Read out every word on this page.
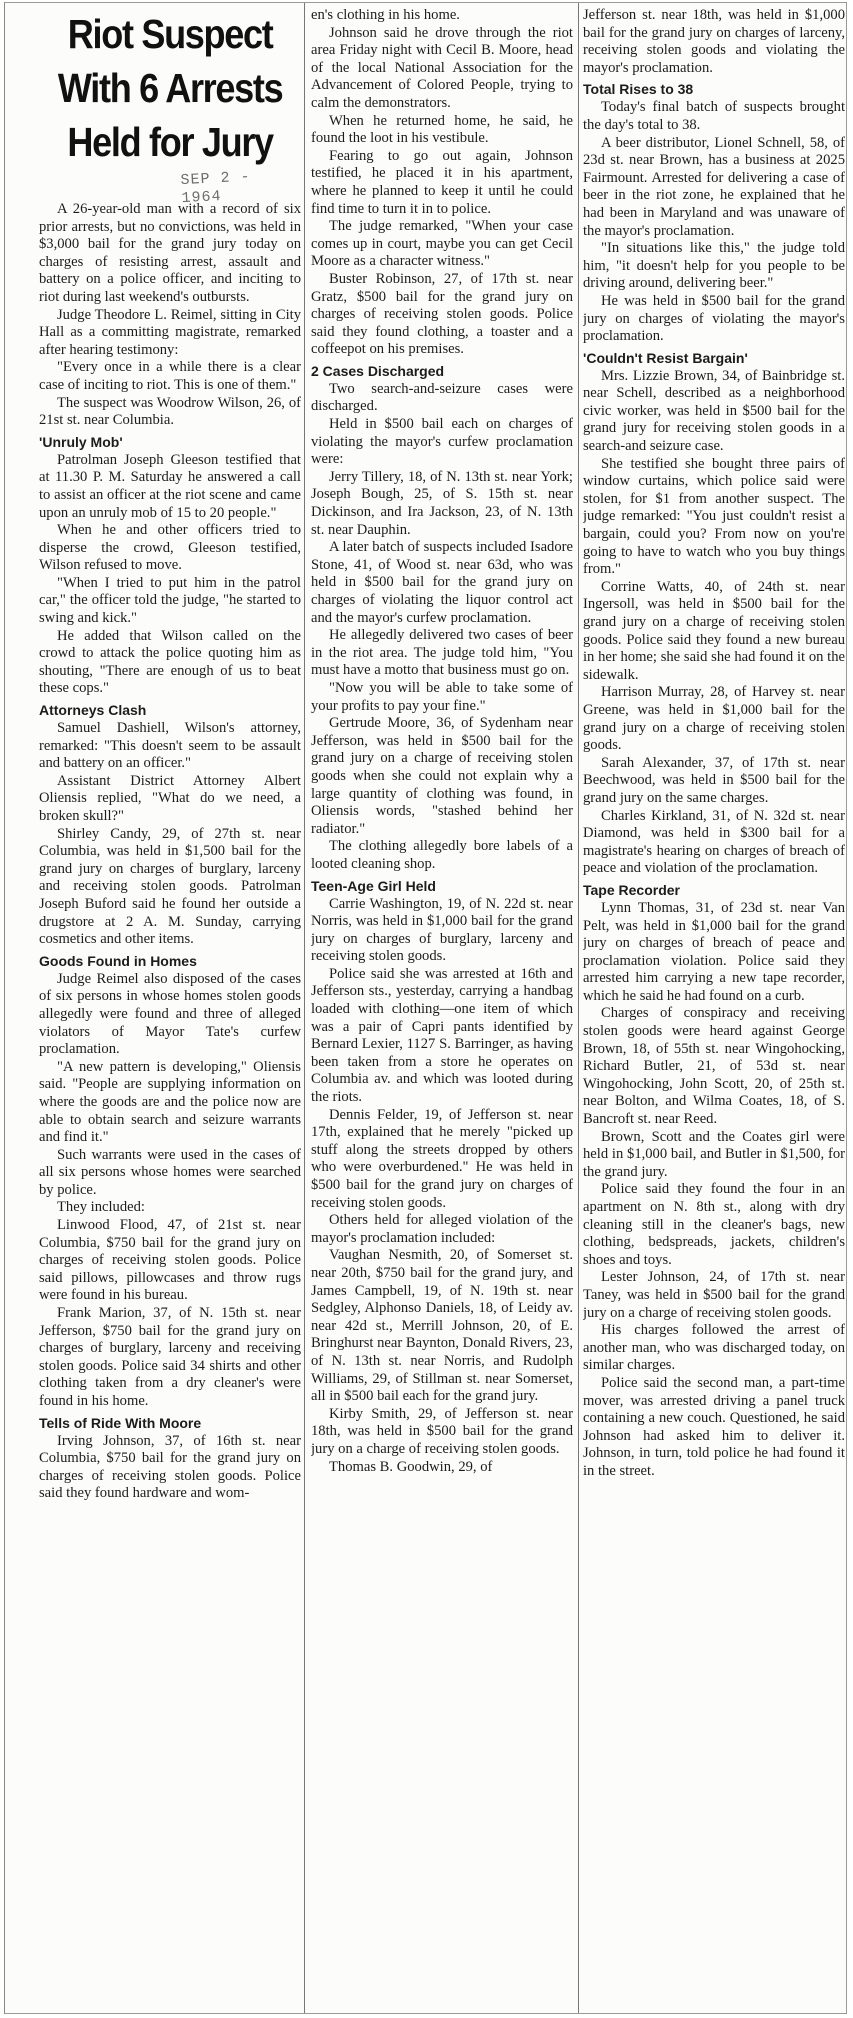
Riot Suspect
With 6 Arrests
Held for Jury
SEP 2 - 1964

A 26-year-old man with a record of six prior arrests, but no convictions, was held in $3,000 bail for the grand jury today on charges of resisting arrest, assault and battery on a police officer, and inciting to riot during last weekend's outbursts.

Judge Theodore L. Reimel, sitting in City Hall as a committing magistrate, remarked after hearing testimony:

"Every once in a while there is a clear case of inciting to riot. This is one of them."

The suspect was Woodrow Wilson, 26, of 21st st. near Columbia.

'Unruly Mob'

Patrolman Joseph Gleeson testified that at 11.30 P. M. Saturday he answered a call to assist an officer at the riot scene and came upon an unruly mob of 15 to 20 people."

When he and other officers tried to disperse the crowd, Gleeson testified, Wilson refused to move.

"When I tried to put him in the patrol car," the officer told the judge, "he started to swing and kick."

He added that Wilson called on the crowd to attack the police quoting him as shouting, "There are enough of us to beat these cops."

Attorneys Clash

Samuel Dashiell, Wilson's attorney, remarked: "This doesn't seem to be assault and battery on an officer."

Assistant District Attorney Albert Oliensis replied, "What do we need, a broken skull?"

Shirley Candy, 29, of 27th st. near Columbia, was held in $1,500 bail for the grand jury on charges of burglary, larceny and receiving stolen goods. Patrolman Joseph Buford said he found her outside a drugstore at 2 A. M. Sunday, carrying cosmetics and other items.

Goods Found in Homes

Judge Reimel also disposed of the cases of six persons in whose homes stolen goods allegedly were found and three of alleged violators of Mayor Tate's curfew proclamation.

"A new pattern is developing," Oliensis said. "People are supplying information on where the goods are and the police now are able to obtain search and seizure warrants and find it."

Such warrants were used in the cases of all six persons whose homes were searched by police.

They included:

Linwood Flood, 47, of 21st st. near Columbia, $750 bail for the grand jury on charges of receiving stolen goods. Police said pillows, pillowcases and throw rugs were found in his bureau.

Frank Marion, 37, of N. 15th st. near Jefferson, $750 bail for the grand jury on charges of burglary, larceny and receiving stolen goods. Police said 34 shirts and other clothing taken from a dry cleaner's were found in his home.

Tells of Ride With Moore

Irving Johnson, 37, of 16th st. near Columbia, $750 bail for the grand jury on charges of receiving stolen goods. Police said they found hardware and wom-

en's clothing in his home.

Johnson said he drove through the riot area Friday night with Cecil B. Moore, head of the local National Association for the Advancement of Colored People, trying to calm the demonstrators.

When he returned home, he said, he found the loot in his vestibule.

Fearing to go out again, Johnson testified, he placed it in his apartment, where he planned to keep it until he could find time to turn it in to police.

The judge remarked, "When your case comes up in court, maybe you can get Cecil Moore as a character witness."

Buster Robinson, 27, of 17th st. near Gratz, $500 bail for the grand jury on charges of receiving stolen goods. Police said they found clothing, a toaster and a coffeepot on his premises.

2 Cases Discharged

Two search-and-seizure cases were discharged.

Held in $500 bail each on charges of violating the mayor's curfew proclamation were:

Jerry Tillery, 18, of N. 13th st. near York; Joseph Bough, 25, of S. 15th st. near Dickinson, and Ira Jackson, 23, of N. 13th st. near Dauphin.

A later batch of suspects included Isadore Stone, 41, of Wood st. near 63d, who was held in $500 bail for the grand jury on charges of violating the liquor control act and the mayor's curfew proclamation.

He allegedly delivered two cases of beer in the riot area. The judge told him, "You must have a motto that business must go on.

"Now you will be able to take some of your profits to pay your fine."

Gertrude Moore, 36, of Sydenham near Jefferson, was held in $500 bail for the grand jury on a charge of receiving stolen goods when she could not explain why a large quantity of clothing was found, in Oliensis words, "stashed behind her radiator."

The clothing allegedly bore labels of a looted cleaning shop.

Teen-Age Girl Held

Carrie Washington, 19, of N. 22d st. near Norris, was held in $1,000 bail for the grand jury on charges of burglary, larceny and receiving stolen goods.

Police said she was arrested at 16th and Jefferson sts., yesterday, carrying a handbag loaded with clothing—one item of which was a pair of Capri pants identified by Bernard Lexier, 1127 S. Barringer, as having been taken from a store he operates on Columbia av. and which was looted during the riots.

Dennis Felder, 19, of Jefferson st. near 17th, explained that he merely "picked up stuff along the streets dropped by others who were overburdened." He was held in $500 bail for the grand jury on charges of receiving stolen goods.

Others held for alleged violation of the mayor's proclamation included:

Vaughan Nesmith, 20, of Somerset st. near 20th, $750 bail for the grand jury, and James Campbell, 19, of N. 19th st. near Sedgley, Alphonso Daniels, 18, of Leidy av. near 42d st., Merrill Johnson, 20, of E. Bringhurst near Baynton, Donald Rivers, 23, of N. 13th st. near Norris, and Rudolph Williams, 29, of Stillman st. near Somerset, all in $500 bail each for the grand jury.

Kirby Smith, 29, of Jefferson st. near 18th, was held in $500 bail for the grand jury on a charge of receiving stolen goods.

Thomas B. Goodwin, 29, of

Jefferson st. near 18th, was held in $1,000 bail for the grand jury on charges of larceny, receiving stolen goods and violating the mayor's proclamation.

Total Rises to 38

Today's final batch of suspects brought the day's total to 38.

A beer distributor, Lionel Schnell, 58, of 23d st. near Brown, has a business at 2025 Fairmount. Arrested for delivering a case of beer in the riot zone, he explained that he had been in Maryland and was unaware of the mayor's proclamation.

"In situations like this," the judge told him, "it doesn't help for you people to be driving around, delivering beer."

He was held in $500 bail for the grand jury on charges of violating the mayor's proclamation.

'Couldn't Resist Bargain'

Mrs. Lizzie Brown, 34, of Bainbridge st. near Schell, described as a neighborhood civic worker, was held in $500 bail for the grand jury for receiving stolen goods in a search-and seizure case.

She testified she bought three pairs of window curtains, which police said were stolen, for $1 from another suspect. The judge remarked: "You just couldn't resist a bargain, could you? From now on you're going to have to watch who you buy things from."

Corrine Watts, 40, of 24th st. near Ingersoll, was held in $500 bail for the grand jury on a charge of receiving stolen goods. Police said they found a new bureau in her home; she said she had found it on the sidewalk.

Harrison Murray, 28, of Harvey st. near Greene, was held in $1,000 bail for the grand jury on a charge of receiving stolen goods.

Sarah Alexander, 37, of 17th st. near Beechwood, was held in $500 bail for the grand jury on the same charges.

Charles Kirkland, 31, of N. 32d st. near Diamond, was held in $300 bail for a magistrate's hearing on charges of breach of peace and violation of the proclamation.

Tape Recorder

Lynn Thomas, 31, of 23d st. near Van Pelt, was held in $1,000 bail for the grand jury on charges of breach of peace and proclamation violation. Police said they arrested him carrying a new tape recorder, which he said he had found on a curb.

Charges of conspiracy and receiving stolen goods were heard against George Brown, 18, of 55th st. near Wingohocking, Richard Butler, 21, of 53d st. near Wingohocking, John Scott, 20, of 25th st. near Bolton, and Wilma Coates, 18, of S. Bancroft st. near Reed.

Brown, Scott and the Coates girl were held in $1,000 bail, and Butler in $1,500, for the grand jury.

Police said they found the four in an apartment on N. 8th st., along with dry cleaning still in the cleaner's bags, new clothing, bedspreads, jackets, children's shoes and toys.

Lester Johnson, 24, of 17th st. near Taney, was held in $500 bail for the grand jury on a charge of receiving stolen goods.

His charges followed the arrest of another man, who was discharged today, on similar charges.

Police said the second man, a part-time mover, was arrested driving a panel truck containing a new couch. Questioned, he said Johnson had asked him to deliver it. Johnson, in turn, told police he had found it in the street.
